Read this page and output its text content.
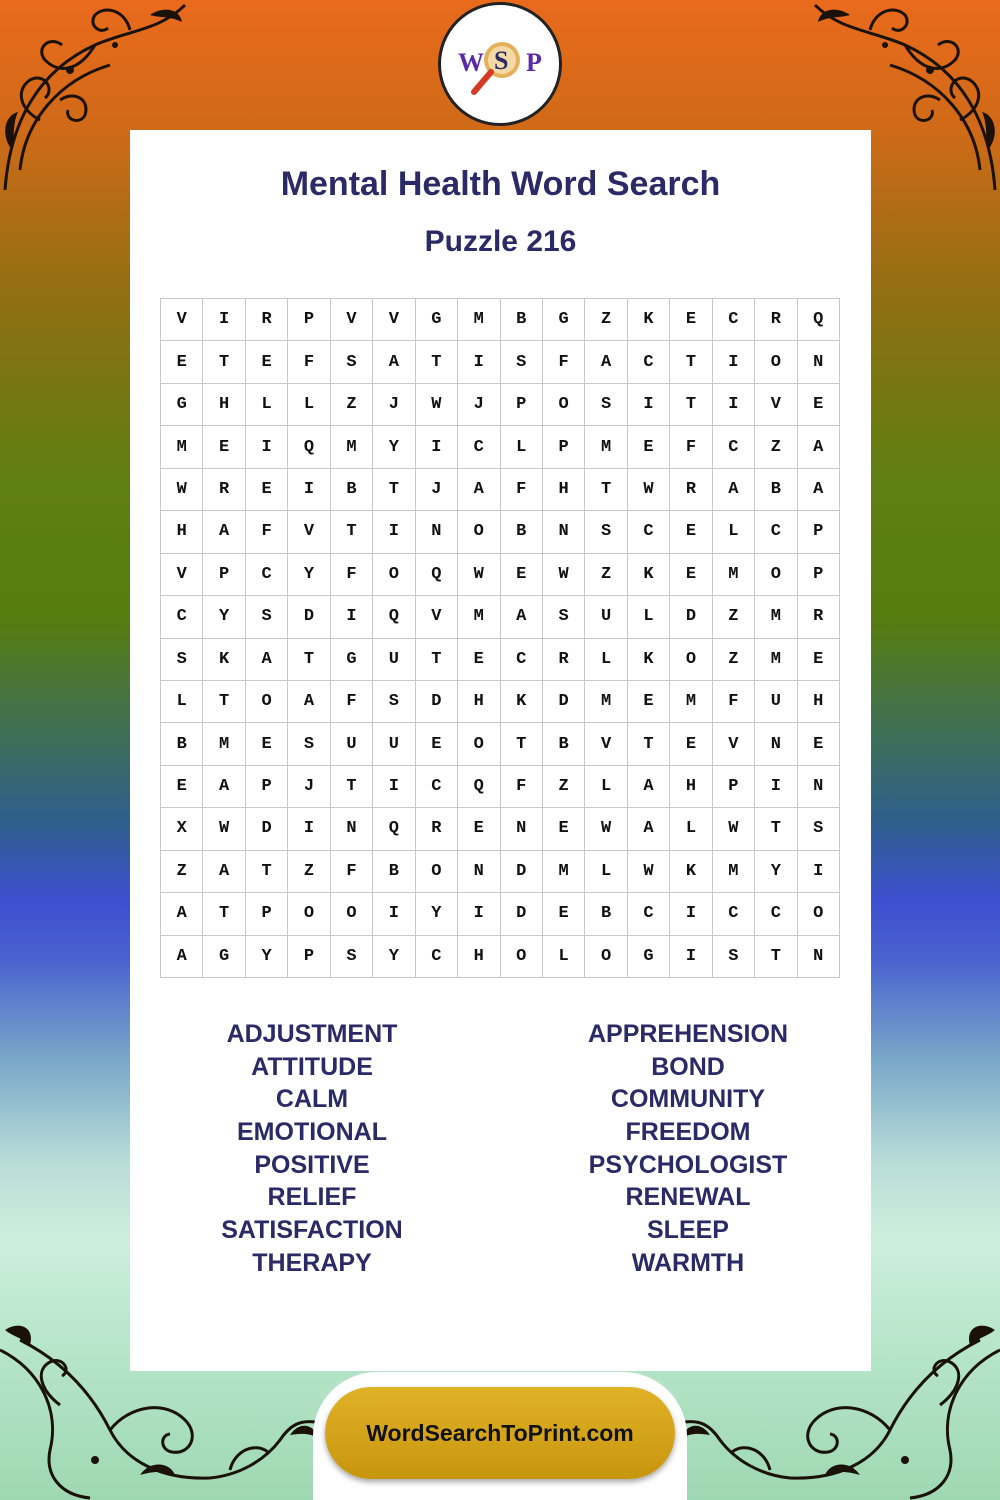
Mental Health Word Search
Puzzle 216
V	I	R	P	V	V	G	M	B	G	Z	K	E	C	R	Q
E	T	E	F	S	A	T	I	S	F	A	C	T	I	O	N
G	H	L	L	Z	J	W	J	P	O	S	I	T	I	V	E
M	E	I	Q	M	Y	I	C	L	P	M	E	F	C	Z	A
W	R	E	I	B	T	J	A	F	H	T	W	R	A	B	A
H	A	F	V	T	I	N	O	B	N	S	C	E	L	C	P
V	P	C	Y	F	O	Q	W	E	W	Z	K	E	M	O	P
C	Y	S	D	I	Q	V	M	A	S	U	L	D	Z	M	R
S	K	A	T	G	U	T	E	C	R	L	K	O	Z	M	E
L	T	O	A	F	S	D	H	K	D	M	E	M	F	U	H
B	M	E	S	U	U	E	O	T	B	V	T	E	V	N	E
E	A	P	J	T	I	C	Q	F	Z	L	A	H	P	I	N
X	W	D	I	N	Q	R	E	N	E	W	A	L	W	T	S
Z	A	T	Z	F	B	O	N	D	M	L	W	K	M	Y	I
A	T	P	O	O	I	Y	I	D	E	B	C	I	C	C	O
A	G	Y	P	S	Y	C	H	O	L	O	G	I	S	T	N
ADJUSTMENT
ATTITUDE
CALM
EMOTIONAL
POSITIVE
RELIEF
SATISFACTION
THERAPY
APPREHENSION
BOND
COMMUNITY
FREEDOM
PSYCHOLOGIST
RENEWAL
SLEEP
WARMTH
W S P
WordSearchToPrint.com
